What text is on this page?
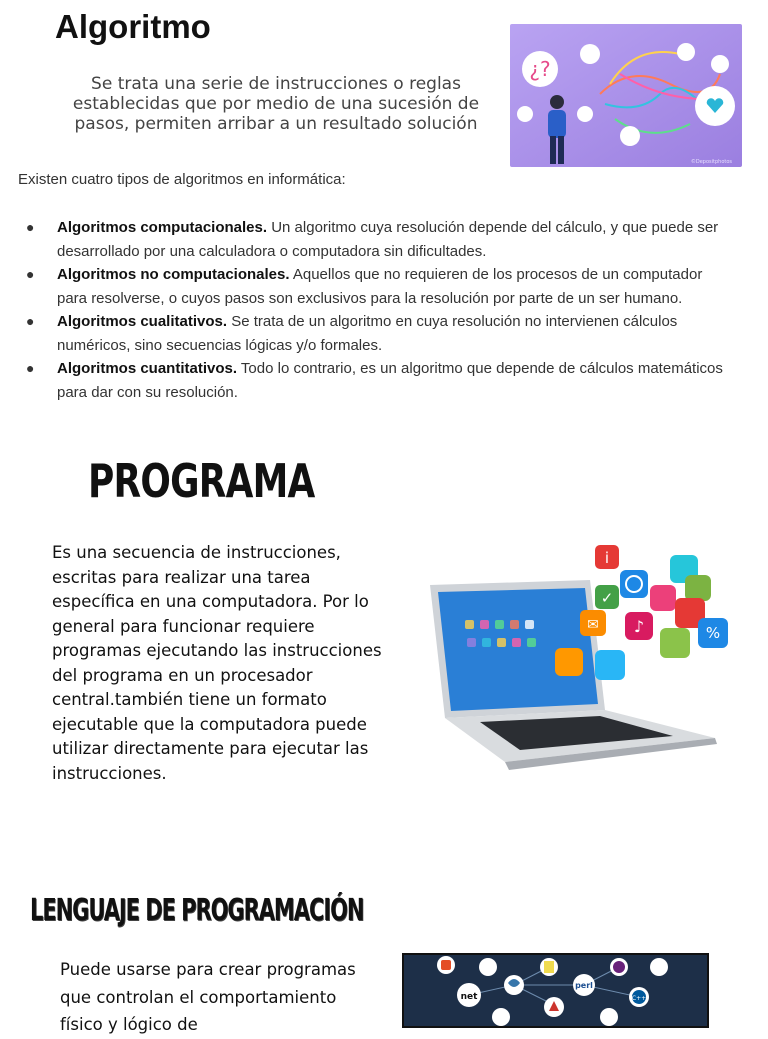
Algoritmo
Se trata una serie de instrucciones o reglas establecidas que por medio de una sucesión de pasos, permiten arribar a un resultado solución
¿?
©Depositphotos
Existen cuatro tipos de algoritmos en informática:
● Algoritmos computacionales. Un algoritmo cuya resolución depende del cálculo, y que puede ser desarrollado por una calculadora o computadora sin dificultades.
● Algoritmos no computacionales. Aquellos que no requieren de los procesos de un computador para resolverse, o cuyos pasos son exclusivos para la resolución por parte de un ser humano.
● Algoritmos cualitativos. Se trata de un algoritmo en cuya resolución no intervienen cálculos numéricos, sino secuencias lógicas y/o formales.
● Algoritmos cuantitativos. Todo lo contrario, es un algoritmo que depende de cálculos matemáticos para dar con su resolución.
PROGRAMA
Es una secuencia de instrucciones, escritas para realizar una tarea específica en una computadora. Por lo general para funcionar requiere programas ejecutando las instrucciones del programa en un procesador central.también tiene un formato ejecutable que la computadora puede utilizar directamente para ejecutar las instrucciones.
i
✓
✉ ♪	%
LENGUAJE DE PROGRAMACIÓN
Puede usarse para crear programas que controlan el comportamiento físico y lógico de
net
perl
C++
